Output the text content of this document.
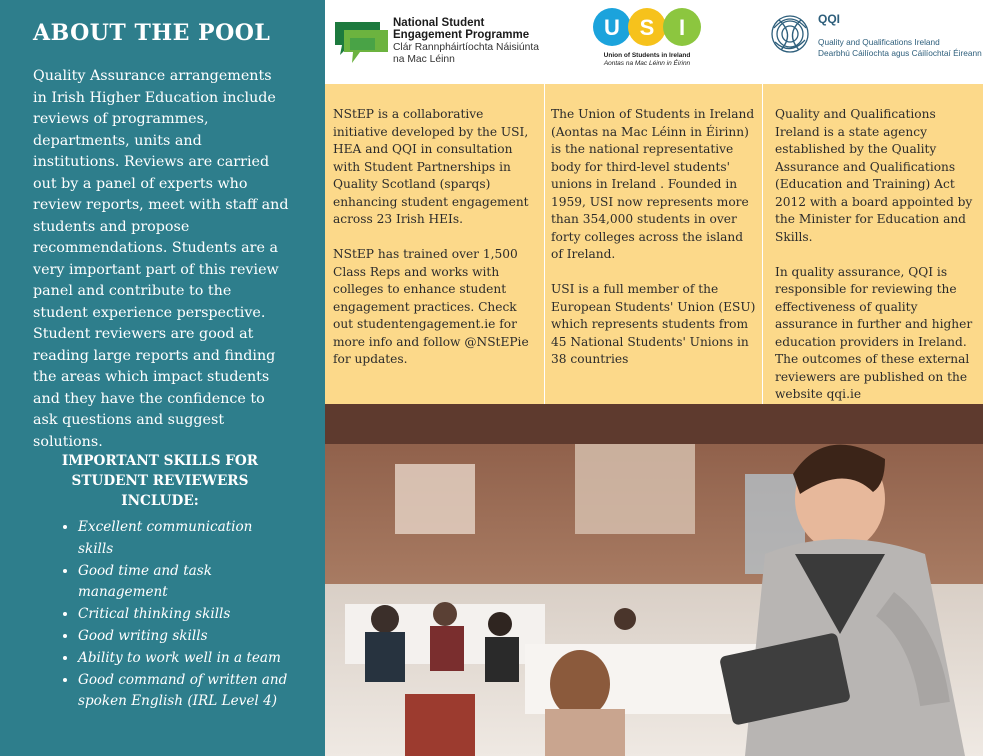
ABOUT THE POOL

Quality Assurance arrangements in Irish Higher Education include reviews of programmes, departments, units and institutions. Reviews are carried out by a panel of experts who review reports, meet with staff and students and propose recommendations. Students are a very important part of this review panel and contribute to the student experience perspective. Student reviewers are good at reading large reports and finding the areas which impact students and they have the confidence to ask questions and suggest solutions.

IMPORTANT SKILLS FOR STUDENT REVIEWERS INCLUDE:
• Excellent communication skills
• Good time and task management
• Critical thinking skills
• Good writing skills
• Ability to work well in a team
• Good command of written and spoken English (IRL Level 4)
National Student Engagement Programme
Clár Rannpháirtíochta Náisiúnta na Mac Léinn
U S I
Union of Students in Ireland
Aontas na Mac Léinn in Éirinn
QQI
Quality and Qualifications Ireland
Dearbhú Cáilíochta agus Cáilíochtaí Éireann

NStEP is a collaborative initiative developed by the USI, HEA and QQI in consultation with Student Partnerships in Quality Scotland (sparqs) enhancing student engagement across 23 Irish HEIs.

NStEP has trained over 1,500 Class Reps and works with colleges to enhance student engagement practices. Check out studentengagement.ie for more info and follow @NStEPie for updates.

The Union of Students in Ireland (Aontas na Mac Léinn in Éirinn) is the national representative body for third-level students' unions in Ireland . Founded in 1959, USI now represents more than 354,000 students in over forty colleges across the island of Ireland.

USI is a full member of the European Students' Union (ESU) which represents students from 45 National Students' Unions in 38 countries

Quality and Qualifications Ireland is a state agency established by the Quality Assurance and Qualifications (Education and Training) Act 2012 with a board appointed by the Minister for Education and Skills.

In quality assurance, QQI is responsible for reviewing the effectiveness of quality assurance in further and higher education providers in Ireland. The outcomes of these external reviewers are published on the website qqi.ie
